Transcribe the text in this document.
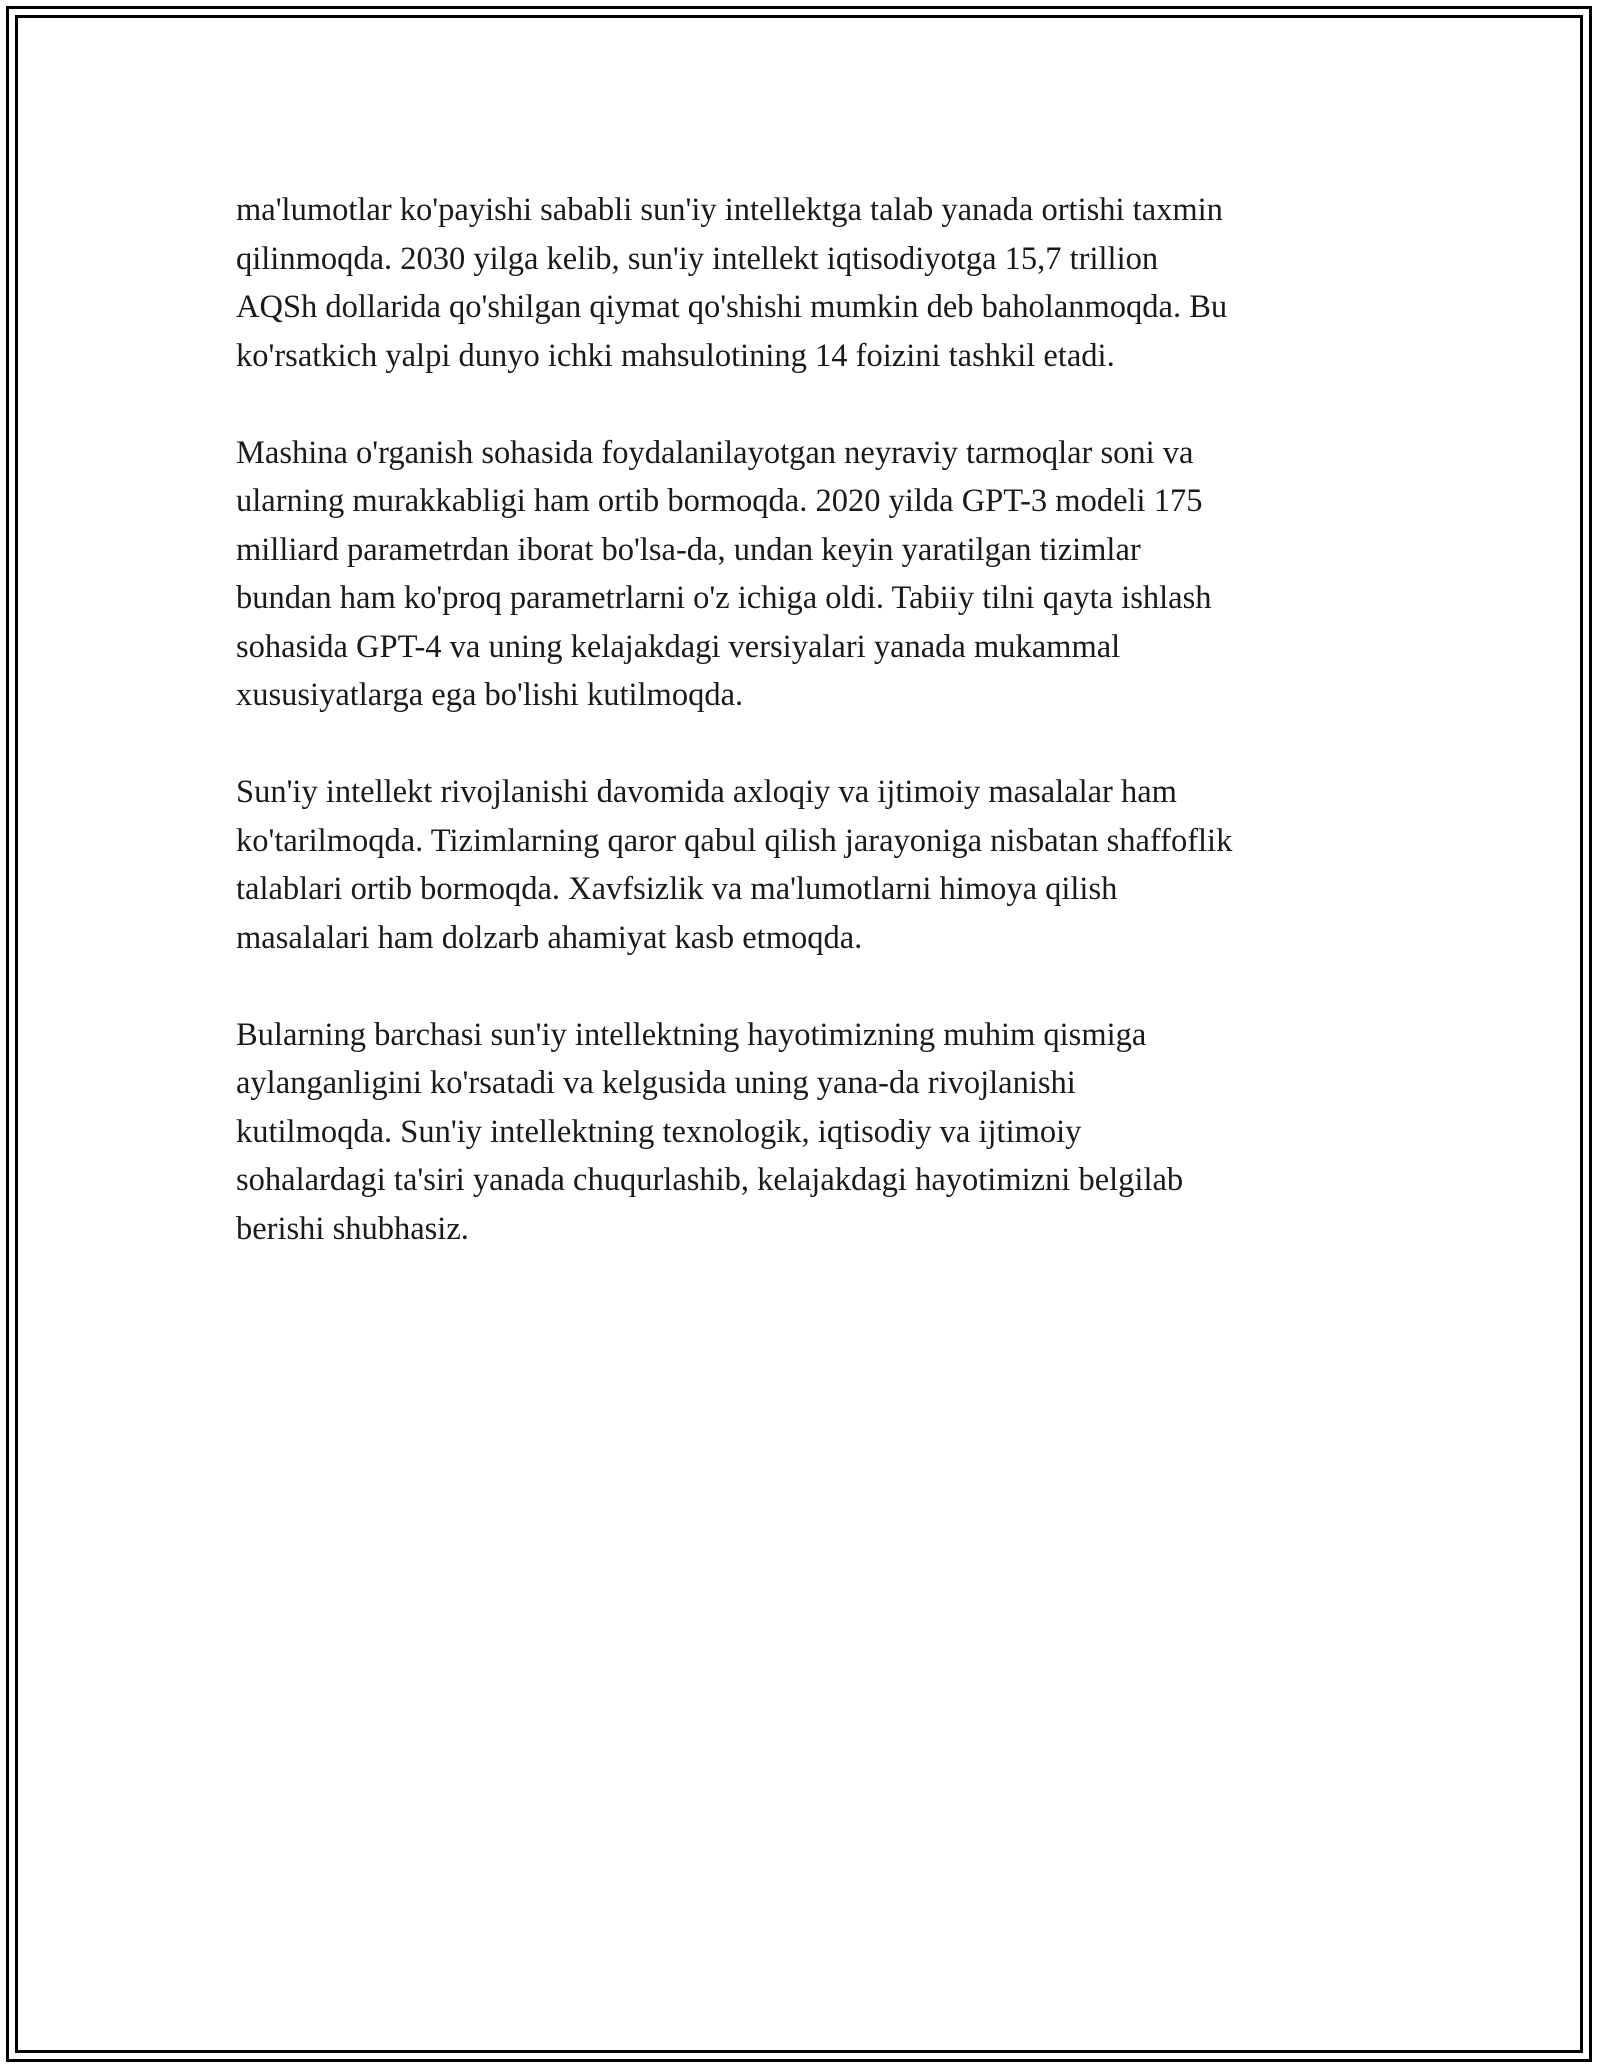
ma'lumotlar ko'payishi sababli sun'iy intellektga talab yanada ortishi taxmin
qilinmoqda. 2030 yilga kelib, sun'iy intellekt iqtisodiyotga 15,7 trillion
AQSh dollarida qo'shilgan qiymat qo'shishi mumkin deb baholanmoqda. Bu
ko'rsatkich yalpi dunyo ichki mahsulotining 14 foizini tashkil etadi.

Mashina o'rganish sohasida foydalanilayotgan neyraviy tarmoqlar soni va
ularning murakkabligi ham ortib bormoqda. 2020 yilda GPT-3 modeli 175
milliard parametrdan iborat bo'lsa-da, undan keyin yaratilgan tizimlar
bundan ham ko'proq parametrlarni o'z ichiga oldi. Tabiiy tilni qayta ishlash
sohasida GPT-4 va uning kelajakdagi versiyalari yanada mukammal
xususiyatlarga ega bo'lishi kutilmoqda.

Sun'iy intellekt rivojlanishi davomida axloqiy va ijtimoiy masalalar ham
ko'tarilmoqda. Tizimlarning qaror qabul qilish jarayoniga nisbatan shaffoflik
talablari ortib bormoqda. Xavfsizlik va ma'lumotlarni himoya qilish
masalalari ham dolzarb ahamiyat kasb etmoqda.

Bularning barchasi sun'iy intellektning hayotimizning muhim qismiga
aylanganligini ko'rsatadi va kelgusida uning yana-da rivojlanishi
kutilmoqda. Sun'iy intellektning texnologik, iqtisodiy va ijtimoiy
sohalardagi ta'siri yanada chuqurlashib, kelajakdagi hayotimizni belgilab
berishi shubhasiz.
